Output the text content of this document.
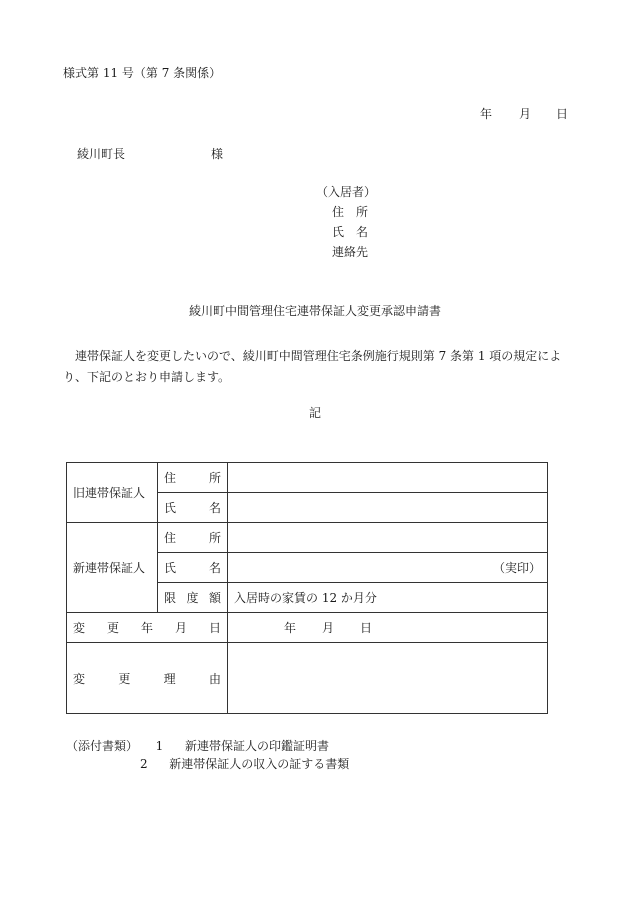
様式第 11 号（第 7 条関係）
年 月 日
綾川町長	様
（入居者）
住　所
氏　名
連絡先
綾川町中間管理住宅連帯保証人変更承認申請書
連帯保証人を変更したいので、綾川町中間管理住宅条例施行規則第 7 条第 1 項の規定により、下記のとおり申請します。
記
旧連帯保証人	住 所	

	氏 名	

新連帯保証人	住 所	

	氏 名	（実印）

	限 度 額	入居時の家賃の 12 か月分

変 更 年 月 日		年 月 日

変 更 理 由		

（添付書類） 1 新連帯保証人の印鑑証明書
2 新連帯保証人の収入の証する書類
